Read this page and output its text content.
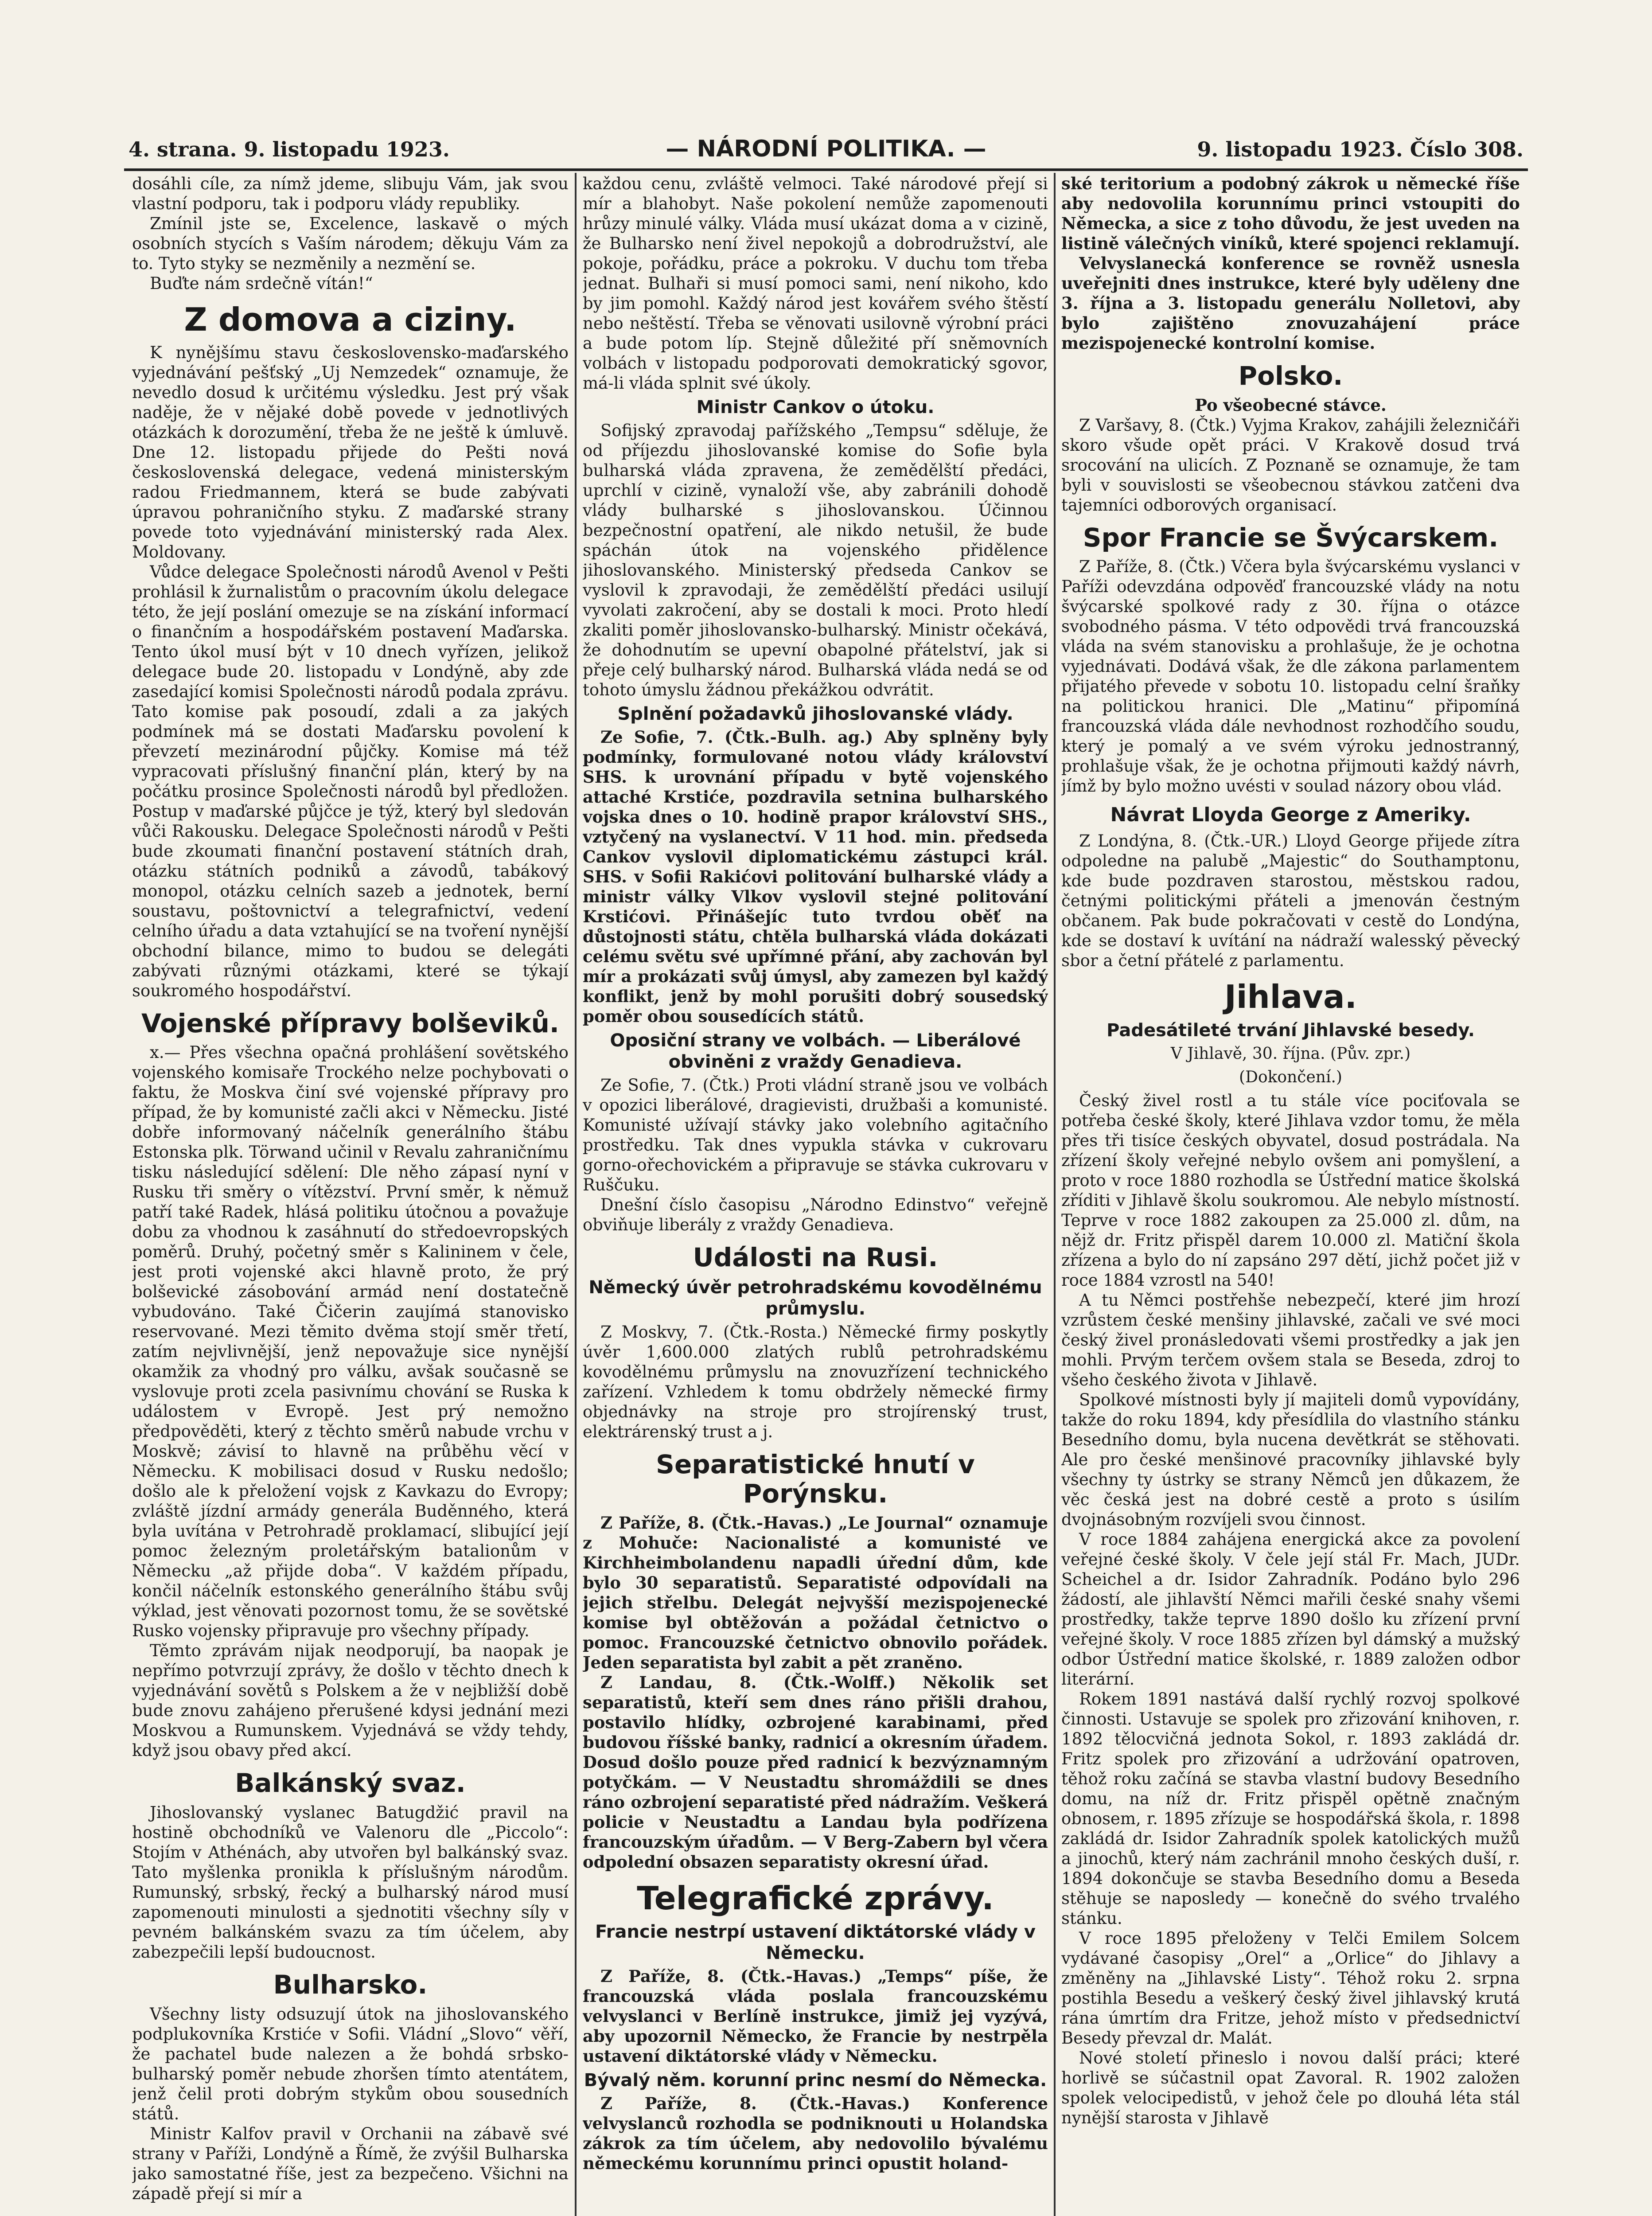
4. strana. 9. listopadu 1923.	— NÁRODNÍ POLITIKA. —	9. listopadu 1923. Číslo 308.

dosáhli cíle, za nímž jdeme, slibuju Vám, jak svou vlastní podporu, tak i podporu vlády republiky.

Zmínil jste se, Excelence, laskavě o mých osobních stycích s Vaším národem; děkuju Vám za to. Tyto styky se nezměnily a nezmění se.

Buďte nám srdečně vítán!“

Z domova a ciziny.

K nynějšímu stavu československo-maďarského vyjednávání pešťský „Uj Nemzedek“ oznamuje, že nevedlo dosud k určitému výsledku. Jest prý však naděje, že v nějaké době povede v jednotlivých otázkách k dorozumění, třeba že ne ještě k úmluvě. Dne 12. listopadu přijede do Pešti nová československá delegace, vedená ministerským radou Friedmannem, která se bude zabývati úpravou pohraničního styku. Z maďarské strany povede toto vyjednávání ministerský rada Alex. Moldovany.

Vůdce delegace Společnosti národů Avenol v Pešti prohlásil k žurnalistům o pracovním úkolu delegace této, že její poslání omezuje se na získání informací o finančním a hospodářském postavení Maďarska. Tento úkol musí být v 10 dnech vyřízen, jelikož delegace bude 20. listopadu v Londýně, aby zde zasedající komisi Společnosti národů podala zprávu. Tato komise pak posoudí, zdali a za jakých podmínek má se dostati Maďarsku povolení k převzetí mezinárodní půjčky. Komise má též vypracovati příslušný finanční plán, který by na počátku prosince Společnosti národů byl předložen. Postup v maďarské půjčce je týž, který byl sledován vůči Rakousku. Delegace Společnosti národů v Pešti bude zkoumati finanční postavení státních drah, otázku státních podniků a závodů, tabákový monopol, otázku celních sazeb a jednotek, berní soustavu, poštovnictví a telegrafnictví, vedení celního úřadu a data vztahující se na tvoření nynější obchodní bilance, mimo to budou se delegáti zabývati různými otázkami, které se týkají soukromého hospodářství.

Vojenské přípravy bolševiků.

x.— Přes všechna opačná prohlášení sovětského vojenského komisaře Trockého nelze pochybovati o faktu, že Moskva činí své vojenské přípravy pro případ, že by komunisté začli akci v Německu. Jisté dobře informovaný náčelník generálního štábu Estonska plk. Törwand učinil v Revalu zahraničnímu tisku následující sdělení: Dle něho zápasí nyní v Rusku tři směry o vítězství. První směr, k němuž patří také Radek, hlásá politiku útočnou a považuje dobu za vhodnou k zasáhnutí do středoevropských poměrů. Druhý, početný směr s Kalininem v čele, jest proti vojenské akci hlavně proto, že prý bolševické zásobování armád není dostatečně vybudováno. Také Čičerin zaujímá stanovisko reservované. Mezi těmito dvěma stojí směr třetí, zatím nejvlivnější, jenž nepovažuje sice nynější okamžik za vhodný pro válku, avšak současně se vyslovuje proti zcela pasivnímu chování se Ruska k událostem v Evropě. Jest prý nemožno předpověděti, který z těchto směrů nabude vrchu v Moskvě; závisí to hlavně na průběhu věcí v Německu. K mobilisaci dosud v Rusku nedošlo; došlo ale k přeložení vojsk z Kavkazu do Evropy; zvláště jízdní armády generála Buděnného, která byla uvítána v Petrohradě proklamací, slibující její pomoc železným proletářským batalionům v Německu „až přijde doba“. V každém případu, končil náčelník estonského generálního štábu svůj výklad, jest věnovati pozornost tomu, že se sovětské Rusko vojensky připravuje pro všechny případy.

Těmto zprávám nijak neodporují, ba naopak je nepřímo potvrzují zprávy, že došlo v těchto dnech k vyjednávání sovětů s Polskem a že v nejbližší době bude znovu zahájeno přerušené kdysi jednání mezi Moskvou a Rumunskem. Vyjednává se vždy tehdy, když jsou obavy před akcí.

Balkánský svaz.

Jihoslovanský vyslanec Batugdžić pravil na hostině obchodníků ve Valenoru dle „Piccolo“: Stojím v Athénách, aby utvořen byl balkánský svaz. Tato myšlenka pronikla k příslušným národům. Rumunský, srbský, řecký a bulharský národ musí zapomenouti minulosti a sjednotiti všechny síly v pevném balkánském svazu za tím účelem, aby zabezpečili lepší budoucnost.

Bulharsko.

Všechny listy odsuzují útok na jihoslovanského podplukovníka Krstiće v Sofii. Vládní „Slovo“ věří, že pachatel bude nalezen a že bohdá srbsko-bulharský poměr nebude zhoršen tímto atentátem, jenž čelil proti dobrým stykům obou sousedních států.

Ministr Kalfov pravil v Orchanii na zábavě své strany v Paříži, Londýně a Římě, že zvýšil Bulharska jako samostatné říše, jest za bezpečeno. Všichni na západě přejí si mír a

každou cenu, zvláště velmoci. Také národové přejí si mír a blahobyt. Naše pokolení nemůže zapomenouti hrůzy minulé války. Vláda musí ukázat doma a v cizině, že Bulharsko není živel nepokojů a dobrodružství, ale pokoje, pořádku, práce a pokroku. V duchu tom třeba jednat. Bulhaři si musí pomoci sami, není nikoho, kdo by jim pomohl. Každý národ jest kovářem svého štěstí nebo neštěstí. Třeba se věnovati usilovně výrobní práci a bude potom líp. Stejně důležité pří sněmovních volbách v listopadu podporovati demokratický sgovor, má-li vláda splnit své úkoly.

Ministr Cankov o útoku.

Sofijský zpravodaj pařížského „Tempsu“ sděluje, že od příjezdu jihoslovanské komise do Sofie byla bulharská vláda zpravena, že zemědělští předáci, uprchlí v cizině, vynaloží vše, aby zabránili dohodě vlády bulharské s jihoslovanskou. Účinnou bezpečnostní opatření, ale nikdo netušil, že bude spáchán útok na vojenského přidělence jihoslovanského. Ministerský předseda Cankov se vyslovil k zpravodaji, že zemědělští předáci usilují vyvolati zakročení, aby se dostali k moci. Proto hledí zkaliti poměr jihoslovansko-bulharský. Ministr očekává, že dohodnutím se upevní obapolné přátelství, jak si přeje celý bulharský národ. Bulharská vláda nedá se od tohoto úmyslu žádnou překážkou odvrátit.

Splnění požadavků jihoslovanské vlády.

Ze Sofie, 7. (Čtk.-Bulh. ag.) Aby splněny byly podmínky, formulované notou vlády království SHS. k urovnání případu v bytě vojenského attaché Krstiće, pozdravila setnina bulharského vojska dnes o 10. hodině prapor království SHS., vztyčený na vyslanectví. V 11 hod. min. předseda Cankov vyslovil diplomatickému zástupci král. SHS. v Sofii Rakićovi politování bulharské vlády a ministr války Vlkov vyslovil stejné politování Krstićovi. Přinášejíc tuto tvrdou oběť na důstojnosti státu, chtěla bulharská vláda dokázati celému světu své upřímné přání, aby zachován byl mír a prokázati svůj úmysl, aby zamezen byl každý konflikt, jenž by mohl porušiti dobrý sousedský poměr obou sousedících států.

Oposiční strany ve volbách. — Liberálové obviněni z vraždy Genadieva.

Ze Sofie, 7. (Čtk.) Proti vládní straně jsou ve volbách v opozici liberálové, dragievisti, družbaši a komunisté. Komunisté užívají stávky jako volebního agitačního prostředku. Tak dnes vypukla stávka v cukrovaru gorno-ořechovickém a připravuje se stávka cukrovaru v Ruščuku.

Dnešní číslo časopisu „Národno Edinstvo“ veřejně obviňuje liberály z vraždy Genadieva.

Události na Rusi.
Německý úvěr petrohradskému kovodělnému průmyslu.

Z Moskvy, 7. (Čtk.-Rosta.) Německé firmy poskytly úvěr 1,600.000 zlatých rublů petrohradskému kovodělnému průmyslu na znovuzřízení technického zařízení. Vzhledem k tomu obdržely německé firmy objednávky na stroje pro strojírenský trust, elektrárenský trust a j.

Separatistické hnutí v Porýnsku.

Z Paříže, 8. (Čtk.-Havas.) „Le Journal“ oznamuje z Mohuče: Nacionalisté a komunisté ve Kirchheimbolandenu napadli úřední dům, kde bylo 30 separatistů. Separatisté odpovídali na jejich střelbu. Delegát nejvyšší mezispojenecké komise byl obtěžován a požádal četnictvo o pomoc. Francouzské četnictvo obnovilo pořádek. Jeden separatista byl zabit a pět zraněno.

Z Landau, 8. (Čtk.-Wolff.) Několik set separatistů, kteří sem dnes ráno přišli drahou, postavilo hlídky, ozbrojené karabinami, před budovou říšské banky, radnicí a okresním úřadem. Dosud došlo pouze před radnicí k bezvýznamným potyčkám. — V Neustadtu shromáždili se dnes ráno ozbrojení separatisté před nádražím. Veškerá policie v Neustadtu a Landau byla podřízena francouzským úřadům. — V Berg-Zabern byl včera odpolední obsazen separatisty okresní úřad.

Telegrafické zprávy.
Francie nestrpí ustavení diktátorské vlády v Německu.

Z Paříže, 8. (Čtk.-Havas.) „Temps“ píše, že francouzská vláda poslala francouzskému velvyslanci v Berlíně instrukce, jimiž jej vyzývá, aby upozornil Německo, že Francie by nestrpěla ustavení diktátorské vlády v Německu.

Bývalý něm. korunní princ nesmí do Německa.

Z Paříže, 8. (Čtk.-Havas.) Konference velvyslanců rozhodla se podniknouti u Holandska zákrok za tím účelem, aby nedovolilo bývalému německému korunnímu princi opustit holand-

ské teritorium a podobný zákrok u německé říše aby nedovolila korunnímu princi vstoupiti do Německa, a sice z toho důvodu, že jest uveden na listině válečných viníků, které spojenci reklamují.

Velvyslanecká konference se rovněž usnesla uveřejniti dnes instrukce, které byly uděleny dne 3. října a 3. listopadu generálu Nolletovi, aby bylo zajištěno znovuzahájení práce mezispojenecké kontrolní komise.

Polsko.
Po všeobecné stávce.

Z Varšavy, 8. (Čtk.) Vyjma Krakov, zahájili železničáři skoro všude opět práci. V Krakově dosud trvá srocování na ulicích. Z Poznaně se oznamuje, že tam byli v souvislosti se všeobecnou stávkou zatčeni dva tajemníci odborových organisací.

Spor Francie se Švýcarskem.

Z Paříže, 8. (Čtk.) Včera byla švýcarskému vyslanci v Paříži odevzdána odpověď francouzské vlády na notu švýcarské spolkové rady z 30. října o otázce svobodného pásma. V této odpovědi trvá francouzská vláda na svém stanovisku a prohlašuje, že je ochotna vyjednávati. Dodává však, že dle zákona parlamentem přijatého převede v sobotu 10. listopadu celní šraňky na politickou hranici. Dle „Matinu“ připomíná francouzská vláda dále nevhodnost rozhodčího soudu, který je pomalý a ve svém výroku jednostranný, prohlašuje však, že je ochotna přijmouti každý návrh, jímž by bylo možno uvésti v soulad názory obou vlád.

Návrat Lloyda George z Ameriky.

Z Londýna, 8. (Čtk.-UR.) Lloyd George přijede zítra odpoledne na palubě „Majestic“ do Southamptonu, kde bude pozdraven starostou, městskou radou, četnými politickými přáteli a jmenován čestným občanem. Pak bude pokračovati v cestě do Londýna, kde se dostaví k uvítání na nádraží walesský pěvecký sbor a četní přátelé z parlamentu.

Jihlava.
Padesátileté trvání Jihlavské besedy.
V Jihlavě, 30. října. (Pův. zpr.)
(Dokončení.)

Český živel rostl a tu stále více pociťovala se potřeba české školy, které Jihlava vzdor tomu, že měla přes tři tisíce českých obyvatel, dosud postrádala. Na zřízení školy veřejné nebylo ovšem ani pomyšlení, a proto v roce 1880 rozhodla se Ústřední matice školská zříditi v Jihlavě školu soukromou. Ale nebylo místností. Teprve v roce 1882 zakoupen za 25.000 zl. dům, na nějž dr. Fritz přispěl darem 10.000 zl. Matiční škola zřízena a bylo do ní zapsáno 297 dětí, jichž počet již v roce 1884 vzrostl na 540!

A tu Němci postřehše nebezpečí, které jim hrozí vzrůstem české menšiny jihlavské, začali ve své moci český živel pronásledovati všemi prostředky a jak jen mohli. Prvým terčem ovšem stala se Beseda, zdroj to všeho českého života v Jihlavě.

Spolkové místnosti byly jí majiteli domů vypovídány, takže do roku 1894, kdy přesídlila do vlastního stánku Besedního domu, byla nucena devětkrát se stěhovati. Ale pro české menšinové pracovníky jihlavské byly všechny ty ústrky se strany Němců jen důkazem, že věc česká jest na dobré cestě a proto s úsilím dvojnásobným rozvíjeli svou činnost.

V roce 1884 zahájena energická akce za povolení veřejné české školy. V čele její stál Fr. Mach, JUDr. Scheichel a dr. Isidor Zahradník. Podáno bylo 296 žádostí, ale jihlavští Němci mařili české snahy všemi prostředky, takže teprve 1890 došlo ku zřízení první veřejné školy. V roce 1885 zřízen byl dámský a mužský odbor Ústřední matice školské, r. 1889 založen odbor literární.

Rokem 1891 nastává další rychlý rozvoj spolkové činnosti. Ustavuje se spolek pro zřizování knihoven, r. 1892 tělocvičná jednota Sokol, r. 1893 zakládá dr. Fritz spolek pro zřizování a udržování opatroven, těhož roku začíná se stavba vlastní budovy Besedního domu, na níž dr. Fritz přispěl opětně značným obnosem, r. 1895 zřízuje se hospodářská škola, r. 1898 zakládá dr. Isidor Zahradník spolek katolických mužů a jinochů, který nám zachránil mnoho českých duší, r. 1894 dokončuje se stavba Besedního domu a Beseda stěhuje se naposledy — konečně do svého trvalého stánku.

V roce 1895 přeloženy v Telči Emilem Solcem vydávané časopisy „Orel“ a „Orlice“ do Jihlavy a změněny na „Jihlavské Listy“. Téhož roku 2. srpna postihla Besedu a veškerý český živel jihlavský krutá rána úmrtím dra Fritze, jehož místo v předsednictví Besedy převzal dr. Malát.

Nové století přineslo i novou další práci; které horlivě se súčastnil opat Zavoral. R. 1902 založen spolek velocipedistů, v jehož čele po dlouhá léta stál nynější starosta v Jihlavě
